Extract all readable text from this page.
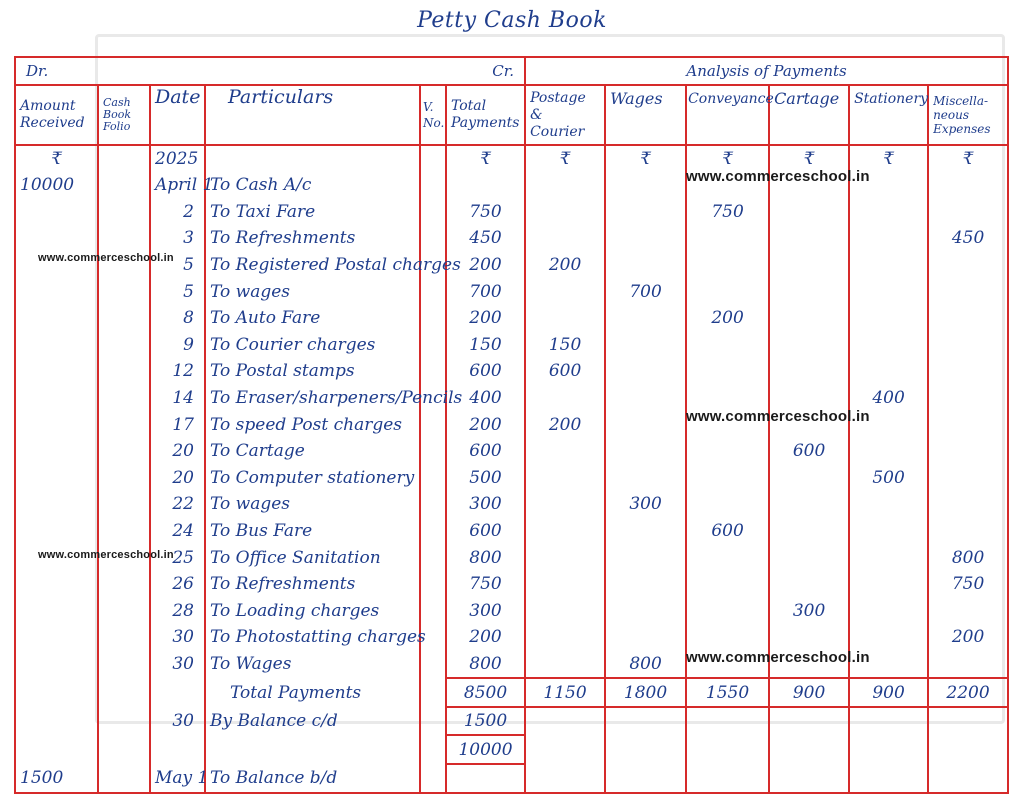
Petty Cash Book
Dr. Cr.						Analysis of Payments					
Amount Received	Cash Book Folio	Date	Particulars	V. No.	Total Payments	Postage & Courier	Wages	Conveyance	Cartage	Stationery	Miscella- neous Expenses
₹		2025			₹	₹	₹	₹	₹	₹	₹
10000		April 1	To Cash A/c								
		2	To Taxi Fare		750			750			
		3	To Refreshments		450						450
		5	To Registered Postal charges		200	200					
		5	To wages		700		700				
		8	To Auto Fare		200			200			
		9	To Courier charges		150	150					
		12	To Postal stamps		600	600					
		14	To Eraser/sharpeners/Pencils		400					400	
		17	To speed Post charges		200	200					
		20	To Cartage		600				600		
		20	To Computer stationery		500					500	
		22	To wages		300		300				
		24	To Bus Fare		600			600			
		25	To Office Sanitation		800						800
		26	To Refreshments		750						750
		28	To Loading charges		300				300		
		30	To Photostatting charges		200						200
		30	To Wages		800		800				
			Total Payments		8500	1150	1800	1550	900	900	2200
		30	By Balance c/d		1500						
					10000						
1500		May 1	To Balance b/d								
www.commerceschool.in
www.commerceschool.in
www.commerceschool.in
www.commerceschool.in
www.commerceschool.in
